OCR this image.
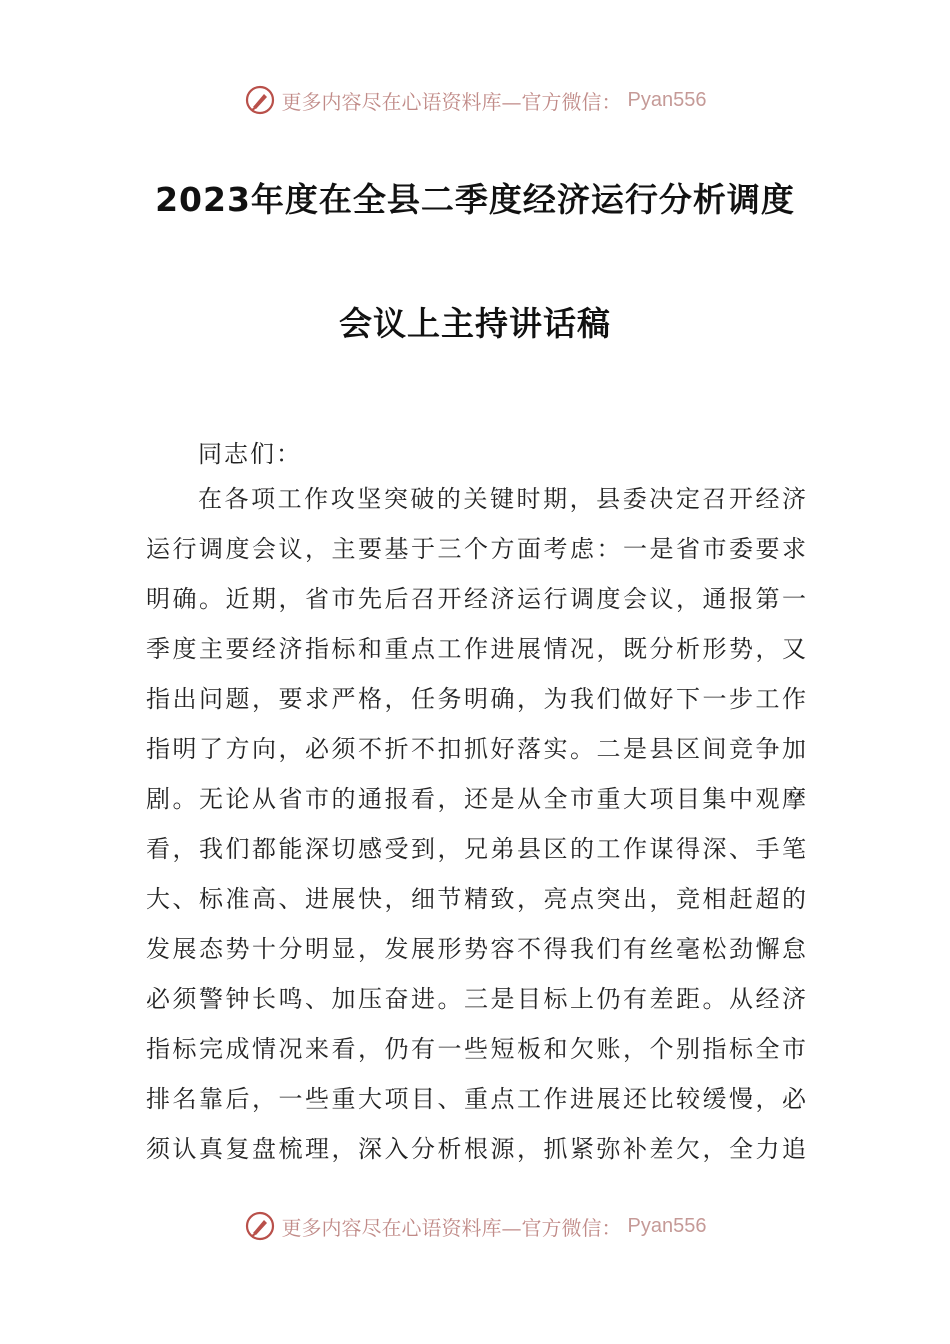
更多内容尽在心语资料库—官方微信： Pyan556
2023年度在全县二季度经济运行分析调度
会议上主持讲话稿
同志们：
在各项工作攻坚突破的关键时期，县委决定召开经济
运行调度会议，主要基于三个方面考虑：一是省市委要求
明确。近期，省市先后召开经济运行调度会议，通报第一
季度主要经济指标和重点工作进展情况，既分析形势，又
指出问题，要求严格，任务明确，为我们做好下一步工作
指明了方向，必须不折不扣抓好落实。二是县区间竞争加
剧。无论从省市的通报看，还是从全市重大项目集中观摩
看，我们都能深切感受到，兄弟县区的工作谋得深、手笔
大、标准高、进展快，细节精致，亮点突出，竞相赶超的
发展态势十分明显，发展形势容不得我们有丝毫松劲懈怠
必须警钟长鸣、加压奋进。三是目标上仍有差距。从经济
指标完成情况来看，仍有一些短板和欠账，个别指标全市
排名靠后，一些重大项目、重点工作进展还比较缓慢，必
须认真复盘梳理，深入分析根源，抓紧弥补差欠，全力追
更多内容尽在心语资料库—官方微信： Pyan556
